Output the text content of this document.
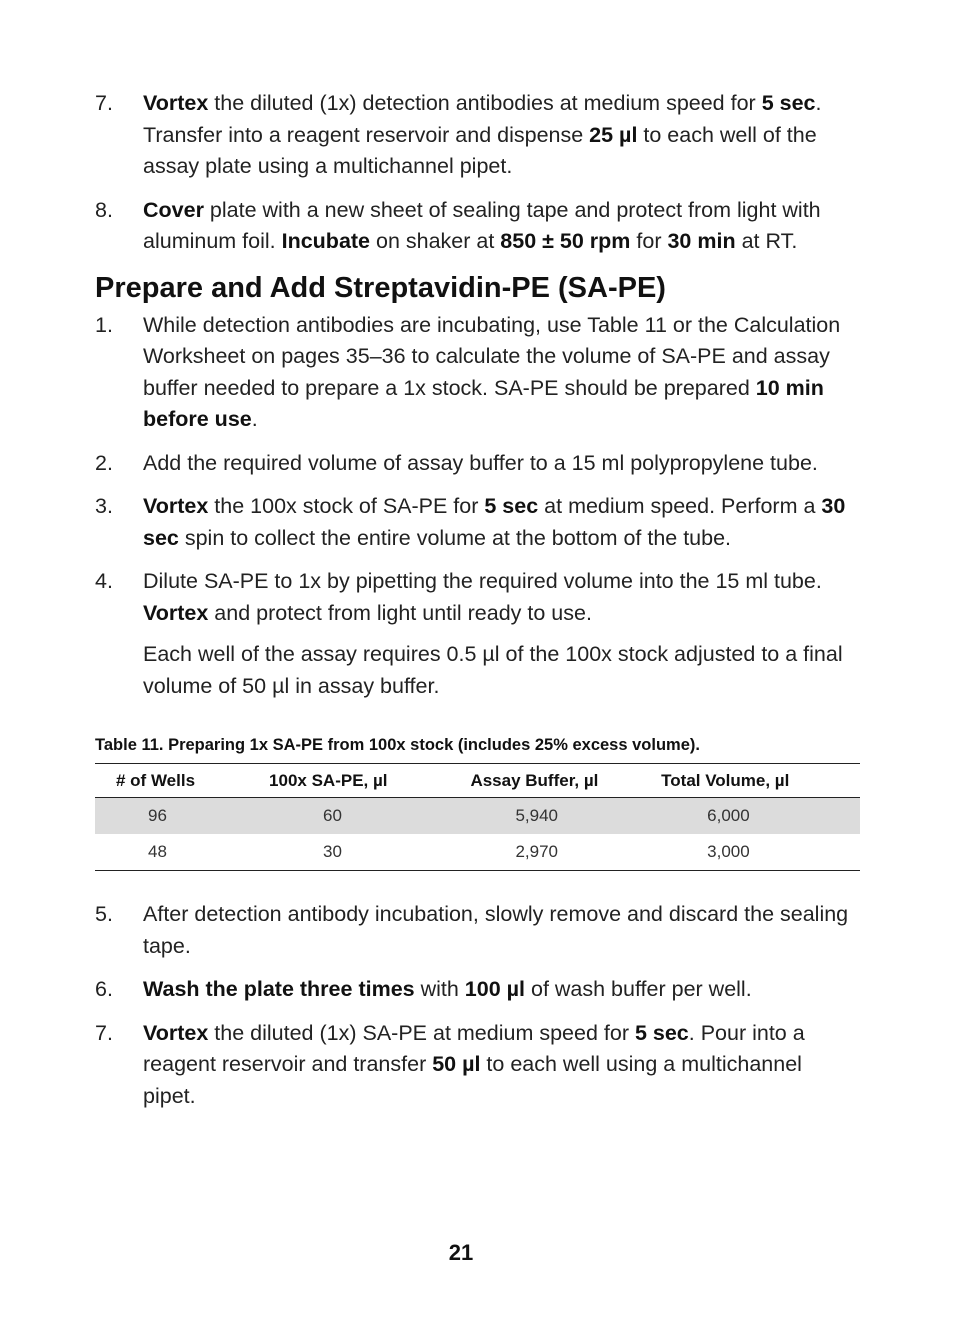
7.	Vortex the diluted (1x) detection antibodies at medium speed for 5 sec. Transfer into a reagent reservoir and dispense 25 µl to each well of the assay plate using a multichannel pipet.
8.	Cover plate with a new sheet of sealing tape and protect from light with aluminum foil. Incubate on shaker at 850 ± 50 rpm for 30 min at RT.
Prepare and Add Streptavidin-PE (SA-PE)
1.	While detection antibodies are incubating, use Table 11 or the Calculation Worksheet on pages 35–36 to calculate the volume of SA-PE and assay buffer needed to prepare a 1x stock. SA-PE should be prepared 10 min before use.
2.	Add the required volume of assay buffer to a 15 ml polypropylene tube.
3.	Vortex the 100x stock of SA-PE for 5 sec at medium speed. Perform a 30 sec spin to collect the entire volume at the bottom of the tube.
4.	Dilute SA-PE to 1x by pipetting the required volume into the 15 ml tube. Vortex and protect from light until ready to use.

Each well of the assay requires 0.5 µl of the 100x stock adjusted to a final volume of 50 µl in assay buffer.

Table 11. Preparing 1x SA-PE from 100x stock (includes 25% excess volume).
# of Wells	100x SA-PE, µl	Assay Buffer, µl	Total Volume, µl
96	60	5,940	6,000
48	30	2,970	3,000
5.	After detection antibody incubation, slowly remove and discard the sealing tape.
6.	Wash the plate three times with 100 µl of wash buffer per well.
7.	Vortex the diluted (1x) SA-PE at medium speed for 5 sec. Pour into a reagent reservoir and transfer 50 µl to each well using a multichannel pipet.
21
